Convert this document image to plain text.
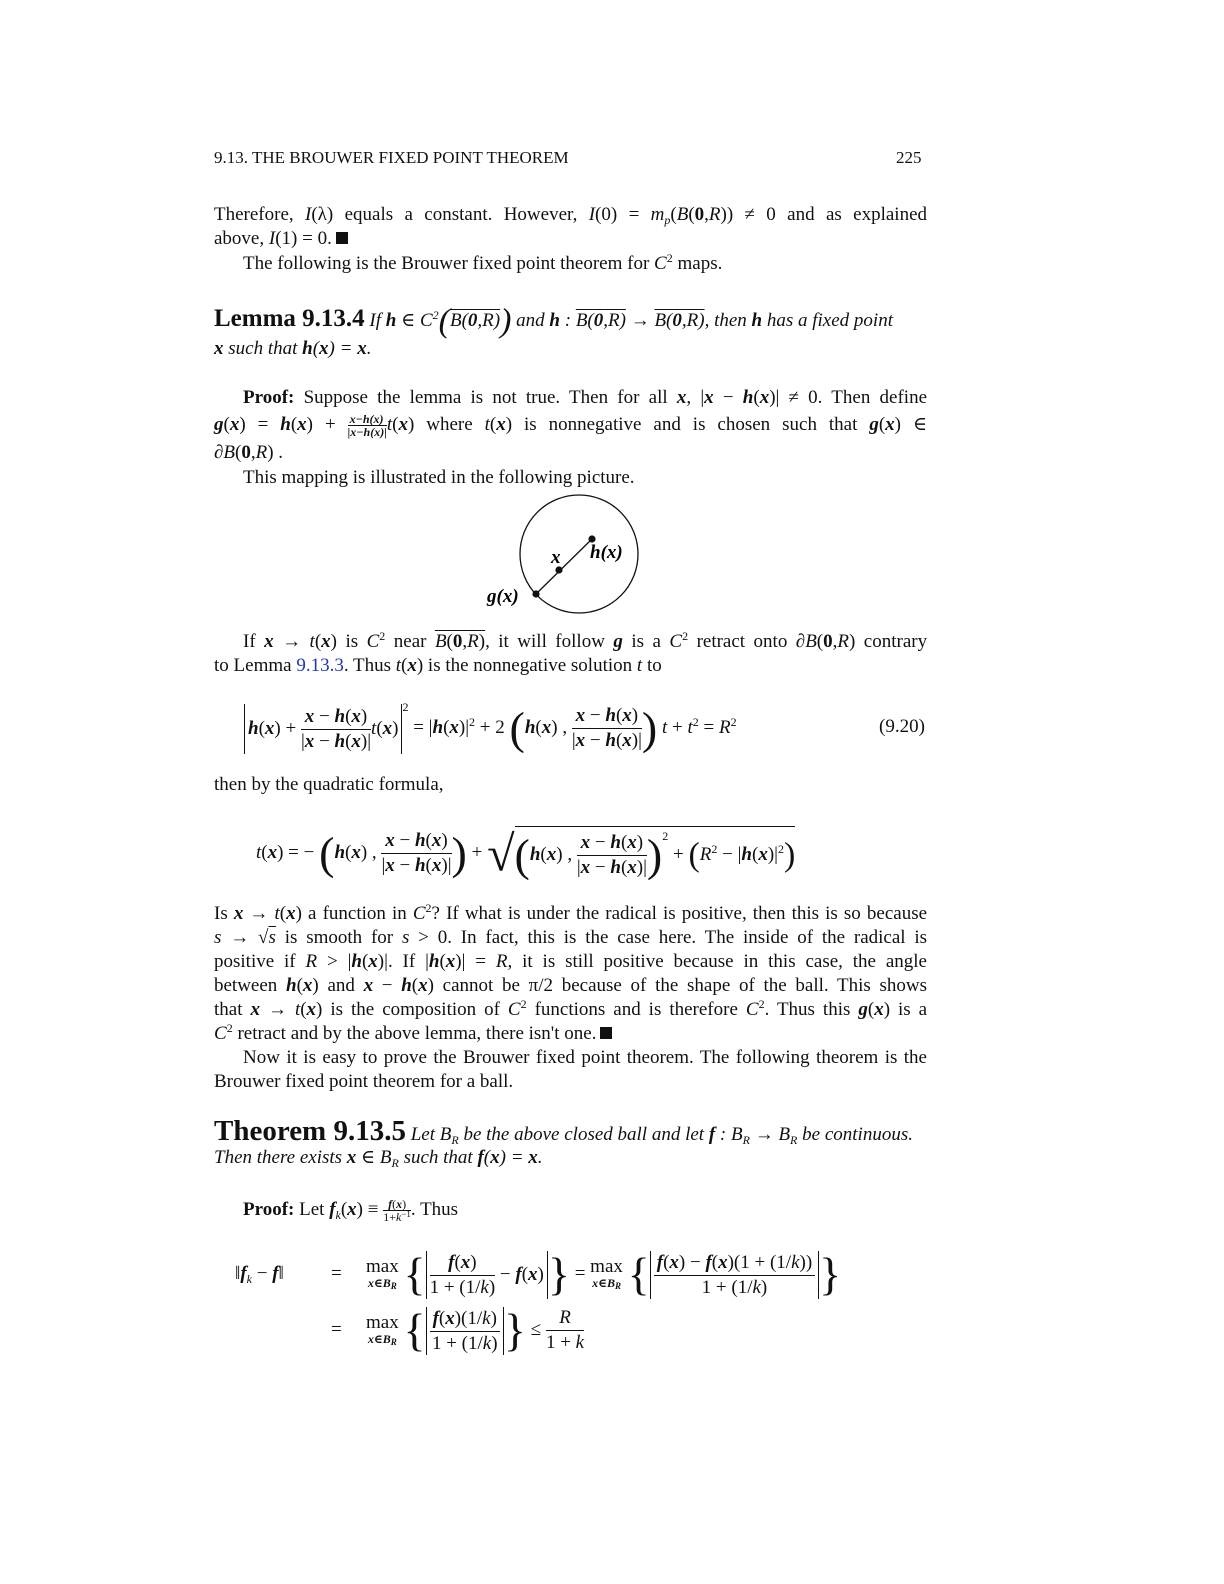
9.13. THE BROUWER FIXED POINT THEOREM	225
Therefore, I(λ) equals a constant. However, $I(0) = m_p(B(0,R)) \ne 0$ and as explained
above, I(1) = 0.
The following is the Brouwer fixed point theorem for $C^2$ maps.
Lemma 9.13.4 If h ∈ $C^2(B(0,R))$ and h : B(0,R) → B(0,R), then h has a fixed point
x such that h(x) = x.
Proof: Suppose the lemma is not true. Then for all x, |x − h(x)| ≠ 0. Then define
$g(x) = h(x) + \frac{x-h(x)}{|x-h(x)|} t(x)$ where t(x) is nonnegative and is chosen such that g(x) ∈
∂B(0,R) .
This mapping is illustrated in the following picture.
x h(x)
g(x)
If x → t(x) is $C^2$ near B(0,R), it will follow g is a $C^2$ retract onto ∂B(0,R) contrary
to Lemma 9.13.3. Thus t(x) is the nonnegative solution t to
$h(x) + \frac{x - h(x)}{|x - h(x)|} t(x)^2 = |h(x)|^2 + 2$ (h(x) , $\frac{x - h(x)}{|x - h(x)|}$ ) $t + t^2 = R^2$	(9.20)
then by the quadratic formula,
t(x) = − (h(x) , $\frac{x - h(x)}{|x - h(x)|}$ ) + √(h(x) , $\frac{x - h(x)}{|x - h(x)|} )^2 + (R^2 - |h(x)|^2)$
Is x → t(x) a function in $C^2$? If what is under the radical is positive, then this is so because
s → √s is smooth for s > 0. In fact, this is the case here. The inside of the radical is
positive if R > |h(x)|. If |h(x)| = R, it is still positive because in this case, the angle
between h(x) and x − h(x) cannot be π/2 because of the shape of the ball. This shows
that x → t(x) is the composition of $C^2$ functions and is therefore $C^2$. Thus this g(x) is a
$C^2$ retract and by the above lemma, there isn't one.
Now it is easy to prove the Brouwer fixed point theorem. The following theorem is the
Brouwer fixed point theorem for a ball.
Theorem 9.13.5 Let $B_R$ be the above closed ball and let f : $B_R \to B_R$ be continuous.
Then there exists x ∈ $B_R$ such that f(x) = x.
Proof: Let $f_k(x) \equiv \frac{f(x)}{1+k^{-1}}$ . Thus
$‖f_k$ − f‖ = max
$x\in B_R$ { $\frac{f(x)}{1 + (1/k)} - f(x)\} = \max$
$x\in B_R$ { $\frac{f(x) - f(x)(1 + (1/k))}{1 + (1/k)}$ }
= max
$x\in B_R$ { $\frac{f(x)(1/k)}{1 + (1/k)}$ } ≤ $\frac{R}{1 + k}$
